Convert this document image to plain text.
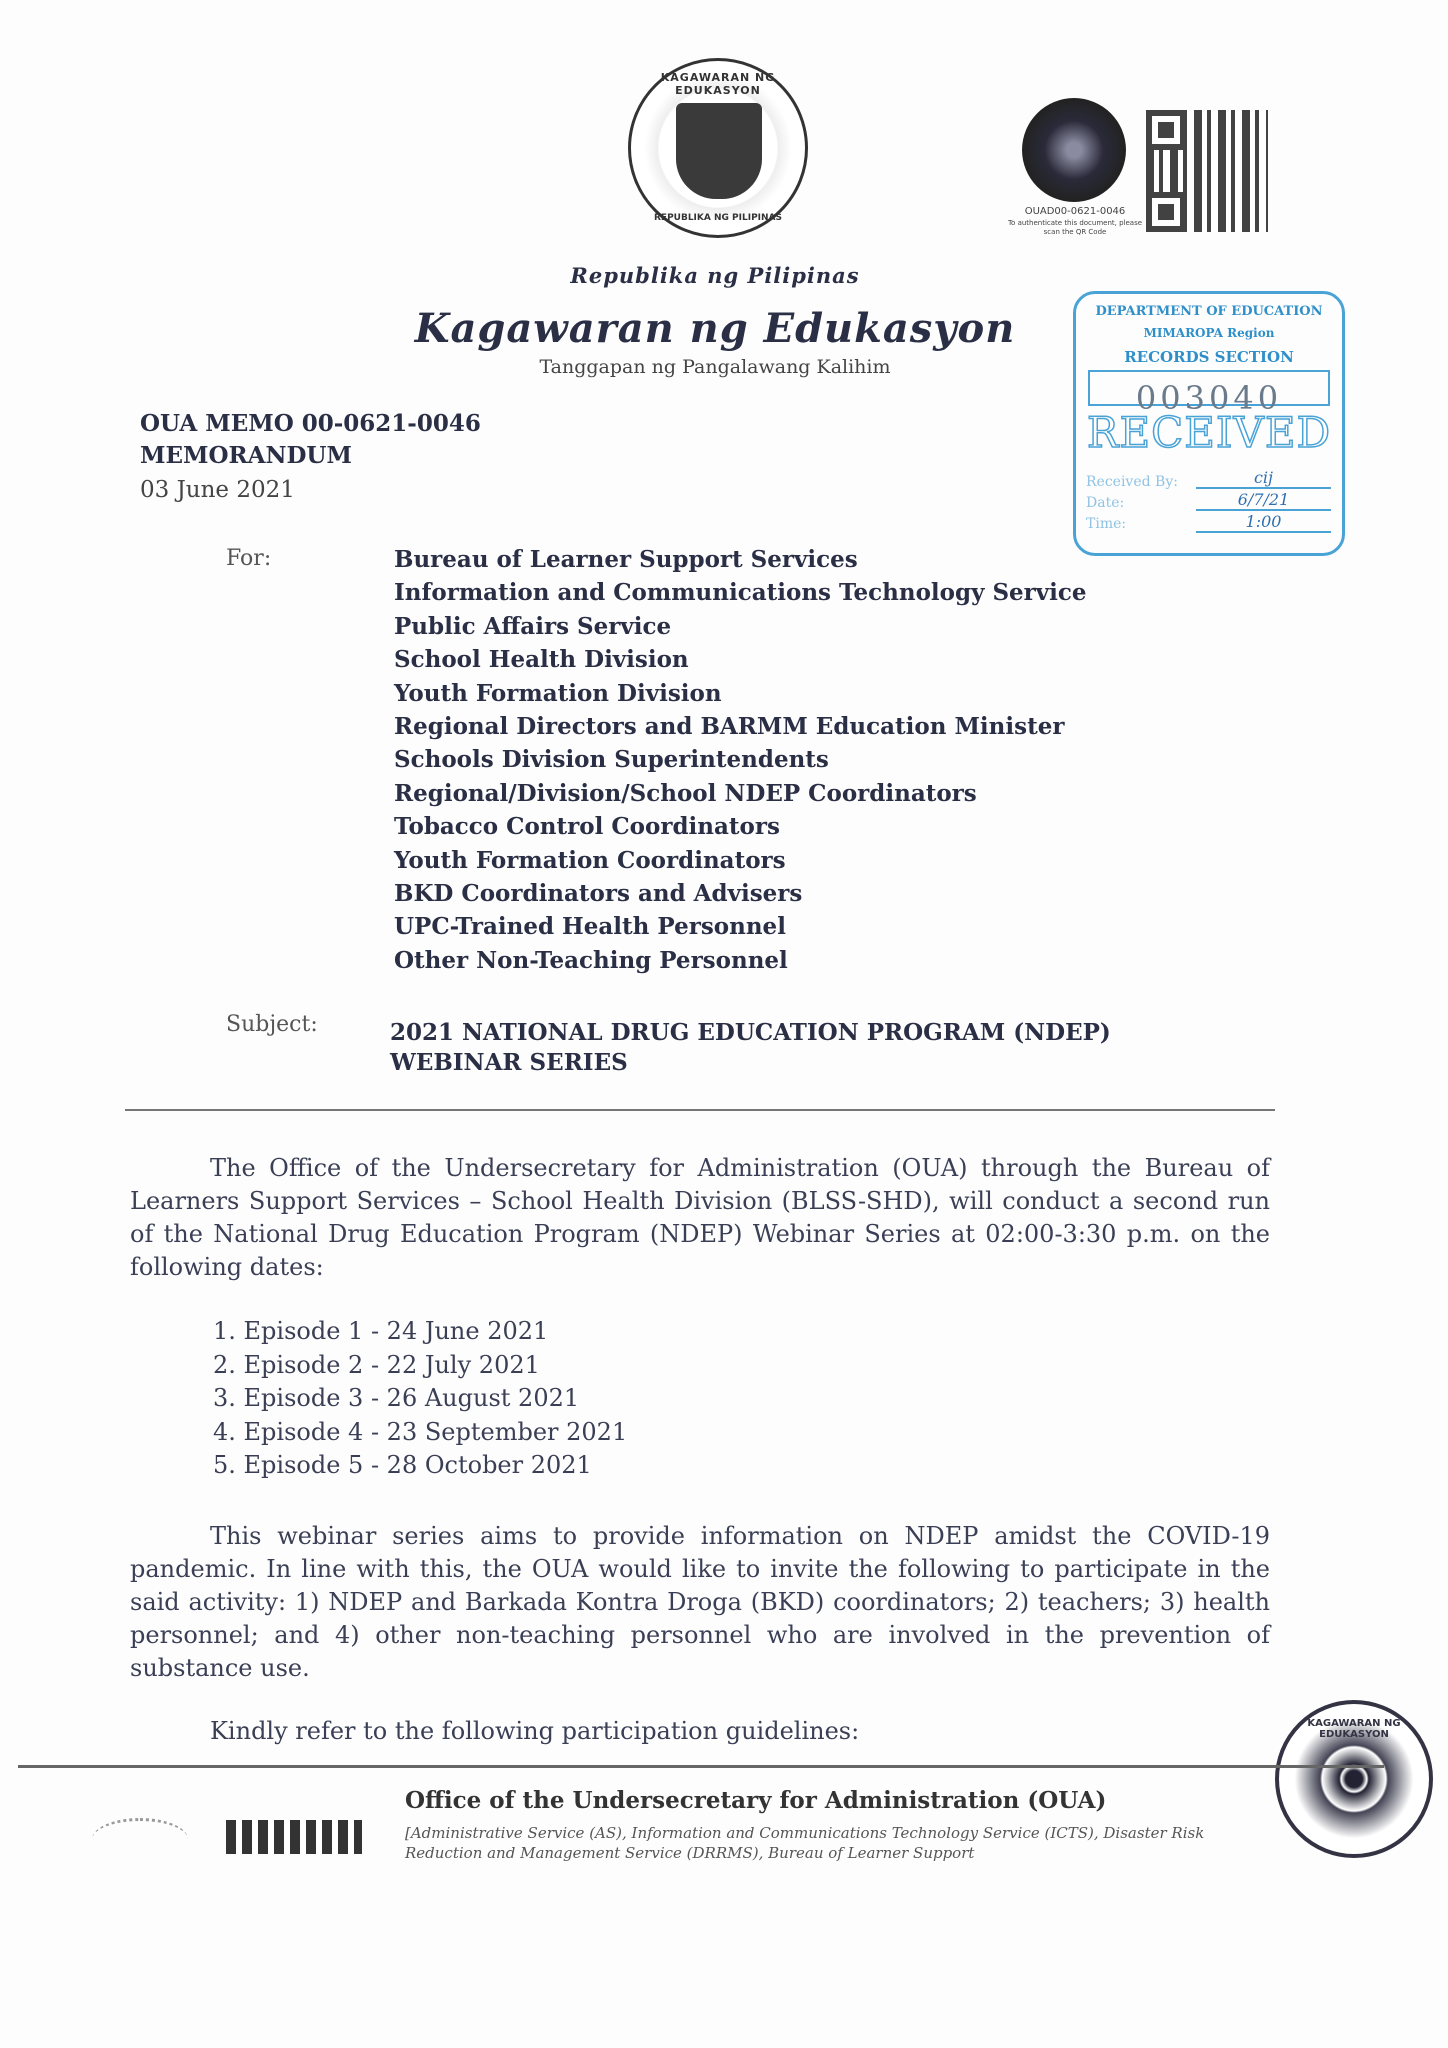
KAGAWARAN NG EDUKASYON
REPUBLIKA NG PILIPINAS
OUAD00-0621-0046
To authenticate this document, please scan the QR Code
Republika ng Pilipinas
Kagawaran ng Edukasyon
Tanggapan ng Pangalawang Kalihim
DEPARTMENT OF EDUCATION
MIMAROPA Region
RECORDS SECTION
003040
RECEIVED
Received By:	cij
Date:	6/7/21
Time:	1:00
OUA MEMO 00-0621-0046
MEMORANDUM
03 June 2021
For:	Bureau of Learner Support Services
Information and Communications Technology Service
Public Affairs Service
School Health Division
Youth Formation Division
Regional Directors and BARMM Education Minister
Schools Division Superintendents
Regional/Division/School NDEP Coordinators
Tobacco Control Coordinators
Youth Formation Coordinators
BKD Coordinators and Advisers
UPC-Trained Health Personnel
Other Non-Teaching Personnel
Subject:	2021 NATIONAL DRUG EDUCATION PROGRAM (NDEP)
WEBINAR SERIES
The Office of the Undersecretary for Administration (OUA) through the Bureau of Learners Support Services – School Health Division (BLSS-SHD), will conduct a second run of the National Drug Education Program (NDEP) Webinar Series at 02:00-3:30 p.m. on the following dates:
1. Episode 1 - 24 June 2021
2. Episode 2 - 22 July 2021
3. Episode 3 - 26 August 2021
4. Episode 4 - 23 September 2021
5. Episode 5 - 28 October 2021
This webinar series aims to provide information on NDEP amidst the COVID-19 pandemic. In line with this, the OUA would like to invite the following to participate in the said activity: 1) NDEP and Barkada Kontra Droga (BKD) coordinators; 2) teachers; 3) health personnel; and 4) other non-teaching personnel who are involved in the prevention of substance use.
Kindly refer to the following participation guidelines:	KAGAWARAN NG EDUKASYON
Office of the Undersecretary for Administration (OUA)
[Administrative Service (AS), Information and Communications Technology Service (ICTS), Disaster Risk Reduction and Management Service (DRRMS), Bureau of Learner Support
